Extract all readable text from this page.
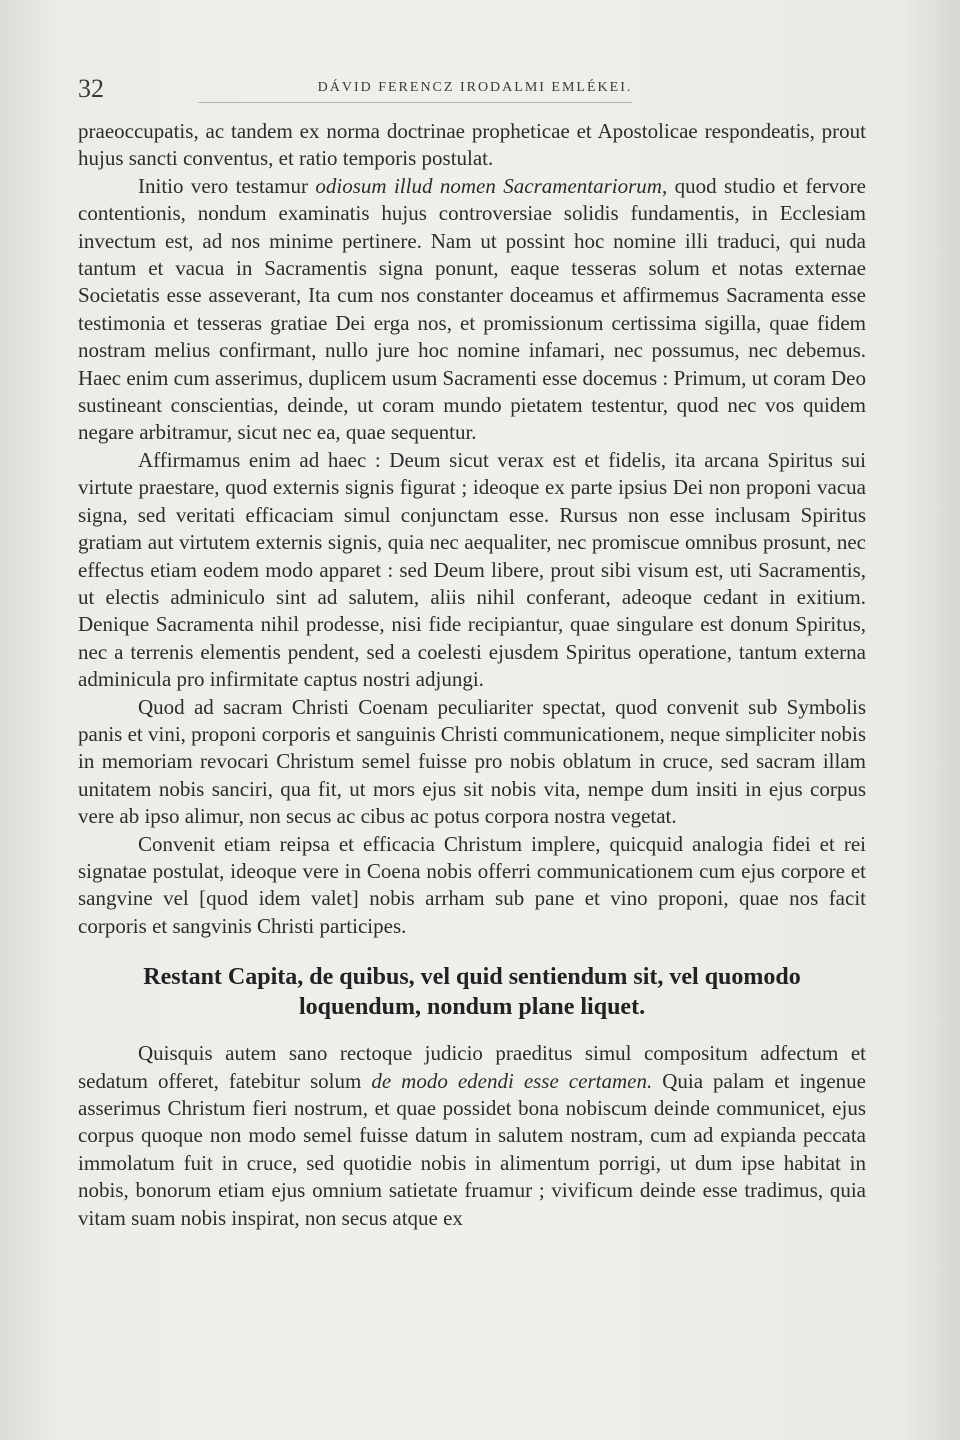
32	DÁVID FERENCZ IRODALMI EMLÉKEI.

praeoccupatis, ac tandem ex norma doctrinae propheticae et Apostolicae respondeatis, prout hujus sancti conventus, et ratio temporis postulat.

Initio vero testamur odiosum illud nomen Sacramentariorum, quod studio et fervore contentionis, nondum examinatis hujus controversiae solidis fundamentis, in Ecclesiam invectum est, ad nos minime pertinere. Nam ut possint hoc nomine illi traduci, qui nuda tantum et vacua in Sacramentis signa ponunt, eaque tesseras solum et notas externae Societatis esse asseverant, Ita cum nos constanter doceamus et affirmemus Sacramenta esse testimonia et tesseras gratiae Dei erga nos, et promissionum certissima sigilla, quae fidem nostram melius confirmant, nullo jure hoc nomine infamari, nec possumus, nec debemus. Haec enim cum asserimus, duplicem usum Sacramenti esse docemus : Primum, ut coram Deo sustineant conscientias, deinde, ut coram mundo pietatem testentur, quod nec vos quidem negare arbitramur, sicut nec ea, quae sequentur.

Affirmamus enim ad haec : Deum sicut verax est et fidelis, ita arcana Spiritus sui virtute praestare, quod externis signis figurat ; ideoque ex parte ipsius Dei non proponi vacua signa, sed veritati efficaciam simul conjunctam esse. Rursus non esse inclusam Spiritus gratiam aut virtutem externis signis, quia nec aequaliter, nec promiscue omnibus prosunt, nec effectus etiam eodem modo apparet : sed Deum libere, prout sibi visum est, uti Sacramentis, ut electis adminiculo sint ad salutem, aliis nihil conferant, adeoque cedant in exitium. Denique Sacramenta nihil prodesse, nisi fide recipiantur, quae singulare est donum Spiritus, nec a terrenis elementis pendent, sed a coelesti ejusdem Spiritus operatione, tantum externa adminicula pro infirmitate captus nostri adjungi.

Quod ad sacram Christi Coenam peculiariter spectat, quod convenit sub Symbolis panis et vini, proponi corporis et sanguinis Christi communicationem, neque simpliciter nobis in memoriam revocari Christum semel fuisse pro nobis oblatum in cruce, sed sacram illam unitatem nobis sanciri, qua fit, ut mors ejus sit nobis vita, nempe dum insiti in ejus corpus vere ab ipso alimur, non secus ac cibus ac potus corpora nostra vegetat.

Convenit etiam reipsa et efficacia Christum implere, quicquid analogia fidei et rei signatae postulat, ideoque vere in Coena nobis offerri communicationem cum ejus corpore et sangvine vel [quod idem valet] nobis arrham sub pane et vino proponi, quae nos facit corporis et sangvinis Christi participes.

Restant Capita, de quibus, vel quid sentiendum sit, vel quomodo
loquendum, nondum plane liquet.

Quisquis autem sano rectoque judicio praeditus simul compositum adfectum et sedatum offeret, fatebitur solum de modo edendi esse certamen. Quia palam et ingenue asserimus Christum fieri nostrum, et quae possidet bona nobiscum deinde communicet, ejus corpus quoque non modo semel fuisse datum in salutem nostram, cum ad expianda peccata immolatum fuit in cruce, sed quotidie nobis in alimentum porrigi, ut dum ipse habitat in nobis, bonorum etiam ejus omnium satietate fruamur ; vivificum deinde esse tradimus, quia vitam suam nobis inspirat, non secus atque ex
